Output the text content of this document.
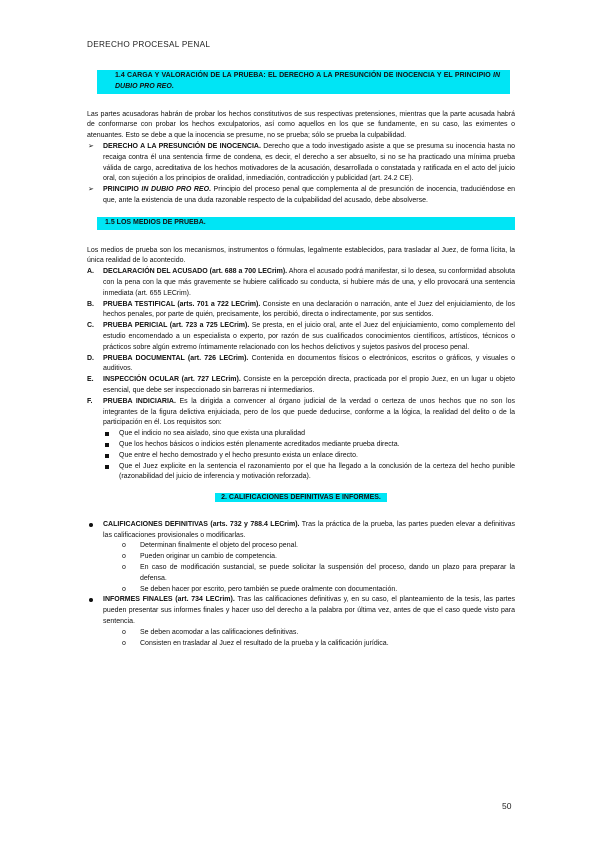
DERECHO PROCESAL PENAL
1.4 CARGA Y VALORACIÓN DE LA PRUEBA: EL DERECHO A LA PRESUNCIÓN DE INOCENCIA Y EL PRINCIPIO IN DUBIO PRO REO.

Las partes acusadoras habrán de probar los hechos constitutivos de sus respectivas pretensiones, mientras que la parte acusada habrá de conformarse con probar los hechos exculpatorios, así como aquellos en los que se fundamente, en su caso, las eximentes o atenuantes. Esto se debe a que la inocencia se presume, no se prueba; sólo se prueba la culpabilidad.

➢ DERECHO A LA PRESUNCIÓN DE INOCENCIA. Derecho que a todo investigado asiste a que se presuma su inocencia hasta no recaiga contra él una sentencia firme de condena, es decir, el derecho a ser absuelto, si no se ha practicado una mínima prueba válida de cargo, acreditativa de los hechos motivadores de la acusación, desarrollada o constatada y ratificada en el acto del juicio oral, con sujeción a los principios de oralidad, inmediación, contradicción y publicidad (art. 24.2 CE).
➢ PRINCIPIO IN DUBIO PRO REO. Principio del proceso penal que complementa al de presunción de inocencia, traduciéndose en que, ante la existencia de una duda razonable respecto de la culpabilidad del acusado, debe absolverse.
1.5 LOS MEDIOS DE PRUEBA.

Los medios de prueba son los mecanismos, instrumentos o fórmulas, legalmente establecidos, para trasladar al Juez, de forma lícita, la única realidad de lo acontecido.

A. DECLARACIÓN DEL ACUSADO (art. 688 a 700 LECrim). Ahora el acusado podrá manifestar, si lo desea, su conformidad absoluta con la pena con la que más gravemente se hubiere calificado su conducta, si hubiere más de una, y ello provocará una sentencia inmediata (art. 655 LECrim).
B. PRUEBA TESTIFICAL (arts. 701 a 722 LECrim). Consiste en una declaración o narración, ante el Juez del enjuiciamiento, de los hechos penales, por parte de quién, precisamente, los percibió, directa o indirectamente, por sus sentidos.
C. PRUEBA PERICIAL (art. 723 a 725 LECrim). Se presta, en el juicio oral, ante el Juez del enjuiciamiento, como complemento del estudio encomendado a un especialista o experto, por razón de sus cualificados conocimientos científicos, artísticos, técnicos o prácticos sobre algún extremo íntimamente relacionado con los hechos delictivos y sujetos pasivos del proceso penal.
D. PRUEBA DOCUMENTAL (art. 726 LECrim). Contenida en documentos físicos o electrónicos, escritos o gráficos, y visuales o auditivos.
E. INSPECCIÓN OCULAR (art. 727 LECrim). Consiste en la percepción directa, practicada por el propio Juez, en un lugar u objeto esencial, que debe ser inspeccionado sin barreras ni intermediarios.
F. PRUEBA INDICIARIA. Es la dirigida a convencer al órgano judicial de la verdad o certeza de unos hechos que no son los integrantes de la figura delictiva enjuiciada, pero de los que puede deducirse, conforme a la lógica, la realidad del delito o de la participación en él. Los requisitos son:
Que el indicio no sea aislado, sino que exista una pluralidad
Que los hechos básicos o indicios estén plenamente acreditados mediante prueba directa.
Que entre el hecho demostrado y el hecho presunto exista un enlace directo.
Que el Juez explicite en la sentencia el razonamiento por el que ha llegado a la conclusión de la certeza del hecho punible (razonabilidad del juicio de inferencia y motivación reforzada).
2. CALIFICACIONES DEFINITIVAS E INFORMES.
CALIFICACIONES DEFINITIVAS (arts. 732 y 788.4 LECrim). Tras la práctica de la prueba, las partes pueden elevar a definitivas las calificaciones provisionales o modificarlas.
o Determinan finalmente el objeto del proceso penal.
o Pueden originar un cambio de competencia.
o En caso de modificación sustancial, se puede solicitar la suspensión del proceso, dando un plazo para preparar la defensa.
o Se deben hacer por escrito, pero también se puede oralmente con documentación.
INFORMES FINALES (art. 734 LECrim). Tras las calificaciones definitivas y, en su caso, el planteamiento de la tesis, las partes pueden presentar sus informes finales y hacer uso del derecho a la palabra por última vez, antes de que el caso quede visto para sentencia.
o Se deben acomodar a las calificaciones definitivas.
o Consisten en trasladar al Juez el resultado de la prueba y la calificación jurídica.
50
